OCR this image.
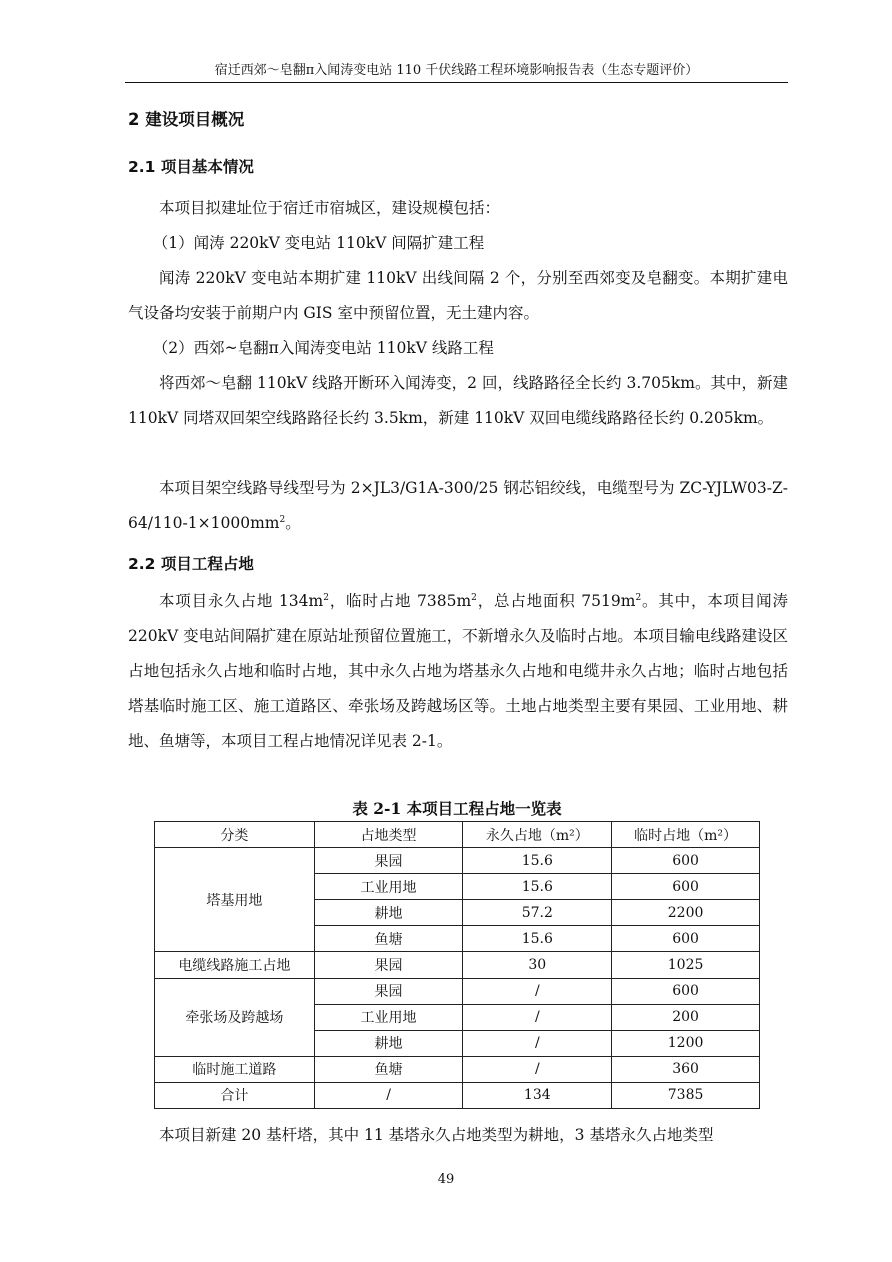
宿迁西郊～皂翻π入闻涛变电站 110 千伏线路工程环境影响报告表（生态专题评价）
2 建设项目概况
2.1 项目基本情况

本项目拟建址位于宿迁市宿城区，建设规模包括：

（1）闻涛 220kV 变电站 110kV 间隔扩建工程

闻涛 220kV 变电站本期扩建 110kV 出线间隔 2 个，分别至西郊变及皂翻变。本期扩建电气设备均安装于前期户内 GIS 室中预留位置，无土建内容。

（2）西郊~皂翻π入闻涛变电站 110kV 线路工程

将西郊～皂翻 110kV 线路开断环入闻涛变，2 回，线路路径全长约 3.705km。其中，新建 110kV 同塔双回架空线路路径长约 3.5km，新建 110kV 双回电缆线路路径长约 0.205km。

本项目架空线路导线型号为 2×JL3/G1A-300/25 钢芯铝绞线，电缆型号为 $ZC-YJLW03-Z-64/110-1\times 1000mm^2$。

2.2 项目工程占地

本项目永久占地 $134m^2$，临时占地 $7385m^2$，总占地面积 $7519m^2$。其中，本项目闻涛 220kV 变电站间隔扩建在原站址预留位置施工，不新增永久及临时占地。本项目输电线路建设区占地包括永久占地和临时占地，其中永久占地为塔基永久占地和电缆井永久占地；临时占地包括塔基临时施工区、施工道路区、牵张场及跨越场区等。土地占地类型主要有果园、工业用地、耕地、鱼塘等，本项目工程占地情况详见表 2-1。

表 2-1 本项目工程占地一览表
分类	占地类型	永久占地（m²）	临时占地（m²）
塔基用地	果园	15.6	600
	工业用地	15.6	600
	耕地	57.2	2200
	鱼塘	15.6	600
电缆线路施工占地	果园	30	1025
牵张场及跨越场	果园	/	600
	工业用地	/	200
	耕地	/	1200
临时施工道路	鱼塘	/	360
合计	/	134	7385

本项目新建 20 基杆塔，其中 11 基塔永久占地类型为耕地，3 基塔永久占地类型

49
